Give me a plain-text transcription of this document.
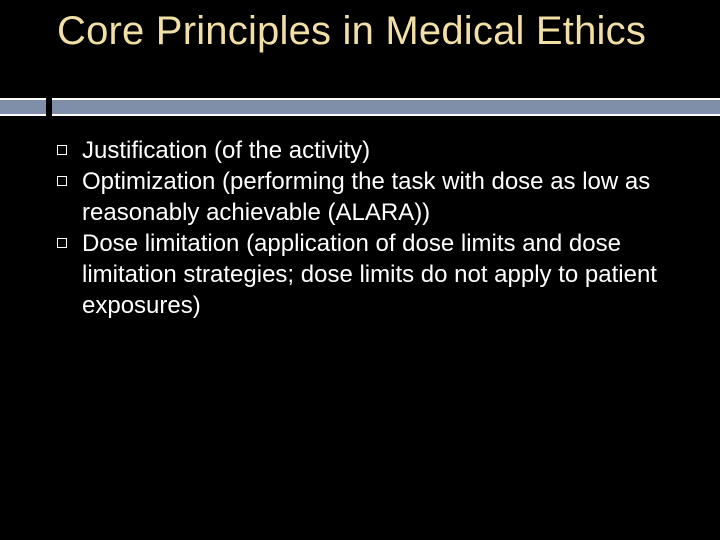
Core Principles in Medical Ethics
Justification (of the activity)
Optimization (performing the task with dose as low as reasonably achievable (ALARA))
Dose limitation (application of dose limits and dose limitation strategies; dose limits do not apply to patient exposures)
